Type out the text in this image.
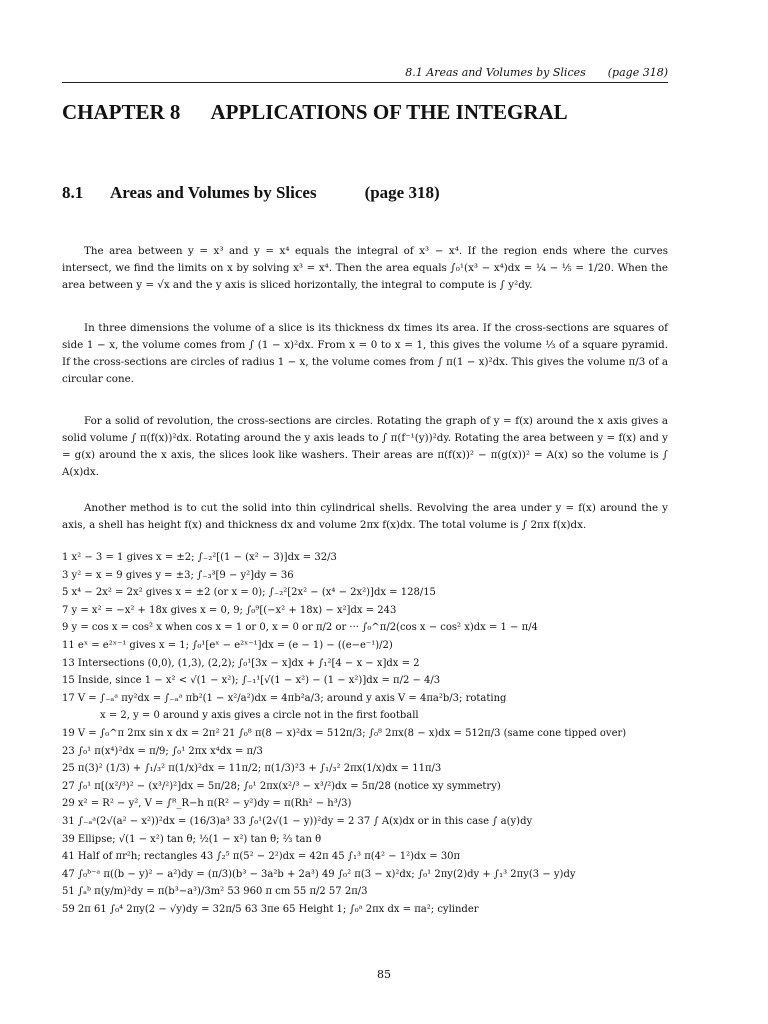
8.1 Areas and Volumes by Slices (page 318)
CHAPTER 8 APPLICATIONS OF THE INTEGRAL
8.1 Areas and Volumes by Slices	(page 318)
The area between y = x³ and y = x⁴ equals the integral of x³ − x⁴. If the region ends where the curves intersect, we find the limits on x by solving x³ = x⁴. Then the area equals ∫₀¹(x³ − x⁴)dx = ¼ − ⅕ = 1/20. When the area between y = √x and the y axis is sliced horizontally, the integral to compute is ∫ y²dy.
In three dimensions the volume of a slice is its thickness dx times its area. If the cross-sections are squares of side 1 − x, the volume comes from ∫ (1 − x)²dx. From x = 0 to x = 1, this gives the volume ⅓ of a square pyramid. If the cross-sections are circles of radius 1 − x, the volume comes from ∫ π(1 − x)²dx. This gives the volume π/3 of a circular cone.
For a solid of revolution, the cross-sections are circles. Rotating the graph of y = f(x) around the x axis gives a solid volume ∫ π(f(x))²dx. Rotating around the y axis leads to ∫ π(f⁻¹(y))²dy. Rotating the area between y = f(x) and y = g(x) around the x axis, the slices look like washers. Their areas are π(f(x))² − π(g(x))² = A(x) so the volume is ∫ A(x)dx.
Another method is to cut the solid into thin cylindrical shells. Revolving the area under y = f(x) around the y axis, a shell has height f(x) and thickness dx and volume 2πx f(x)dx. The total volume is ∫ 2πx f(x)dx.
1 x² − 3 = 1 gives x = ±2; ∫₋₂²[(1 − (x² − 3)]dx = 32/3
3 y² = x = 9 gives y = ±3; ∫₋₃³[9 − y²]dy = 36
5 x⁴ − 2x² = 2x² gives x = ±2 (or x = 0); ∫₋₂²[2x² − (x⁴ − 2x²)]dx = 128/15
7 y = x² = −x² + 18x gives x = 0, 9; ∫₀⁹[(−x² + 18x) − x²]dx = 243
9 y = cos x = cos² x when cos x = 1 or 0, x = 0 or π/2 or ··· ∫₀^π/2(cos x − cos² x)dx = 1 − π/4
11 eˣ = e²ˣ⁻¹ gives x = 1; ∫₀¹[eˣ − e²ˣ⁻¹]dx = (e − 1) − ((e−e⁻¹)/2)
13 Intersections (0,0), (1,3), (2,2); ∫₀¹[3x − x]dx + ∫₁²[4 − x − x]dx = 2
15 Inside, since 1 − x² < √(1 − x²); ∫₋₁¹[√(1 − x²) − (1 − x²)]dx = π/2 − 4/3
17 V = ∫₋ₐᵃ πy²dx = ∫₋ₐᵃ πb²(1 − x²/a²)dx = 4πb²a/3; around y axis V = 4πa²b/3; rotating
x = 2, y = 0 around y axis gives a circle not in the first football
19 V = ∫₀^π 2πx sin x dx = 2π² 21 ∫₀⁸ π(8 − x)²dx = 512π/3; ∫₀⁸ 2πx(8 − x)dx = 512π/3 (same cone tipped over)
23 ∫₀¹ π(x⁴)²dx = π/9; ∫₀¹ 2πx x⁴dx = π/3
25 π(3)² (1/3) + ∫₁/₃² π(1/x)²dx = 11π/2; π(1/3)²3 + ∫₁/₃² 2πx(1/x)dx = 11π/3
27 ∫₀¹ π[(x²/³)² − (x³/²)²]dx = 5π/28; ∫₀¹ 2πx(x²/³ − x³/²)dx = 5π/28 (notice xy symmetry)
29 x² = R² − y², V = ∫ᴿ_R−h π(R² − y²)dy = π(Rh² − h³/3)
31 ∫₋ₐᵃ(2√(a² − x²))²dx = (16/3)a³ 33 ∫₀¹(2√(1 − y))²dy = 2 37 ∫ A(x)dx or in this case ∫ a(y)dy
39 Ellipse; √(1 − x²) tan θ; ½(1 − x²) tan θ; ⅔ tan θ
41 Half of πr²h; rectangles 43 ∫₂⁵ π(5² − 2²)dx = 42π 45 ∫₁³ π(4² − 1²)dx = 30π
47 ∫₀ᵇ⁻ᵃ π((b − y)² − a²)dy = (π/3)(b³ − 3a²b + 2a³) 49 ∫₀² π(3 − x)²dx; ∫₀¹ 2πy(2)dy + ∫₁³ 2πy(3 − y)dy
51 ∫ₐᵇ π(y/m)²dy = π(b³−a³)/3m² 53 960 π cm 55 π/2 57 2π/3
59 2π 61 ∫₀⁴ 2πy(2 − √y)dy = 32π/5 63 3πe 65 Height 1; ∫₀ᵃ 2πx dx = πa²; cylinder
85
